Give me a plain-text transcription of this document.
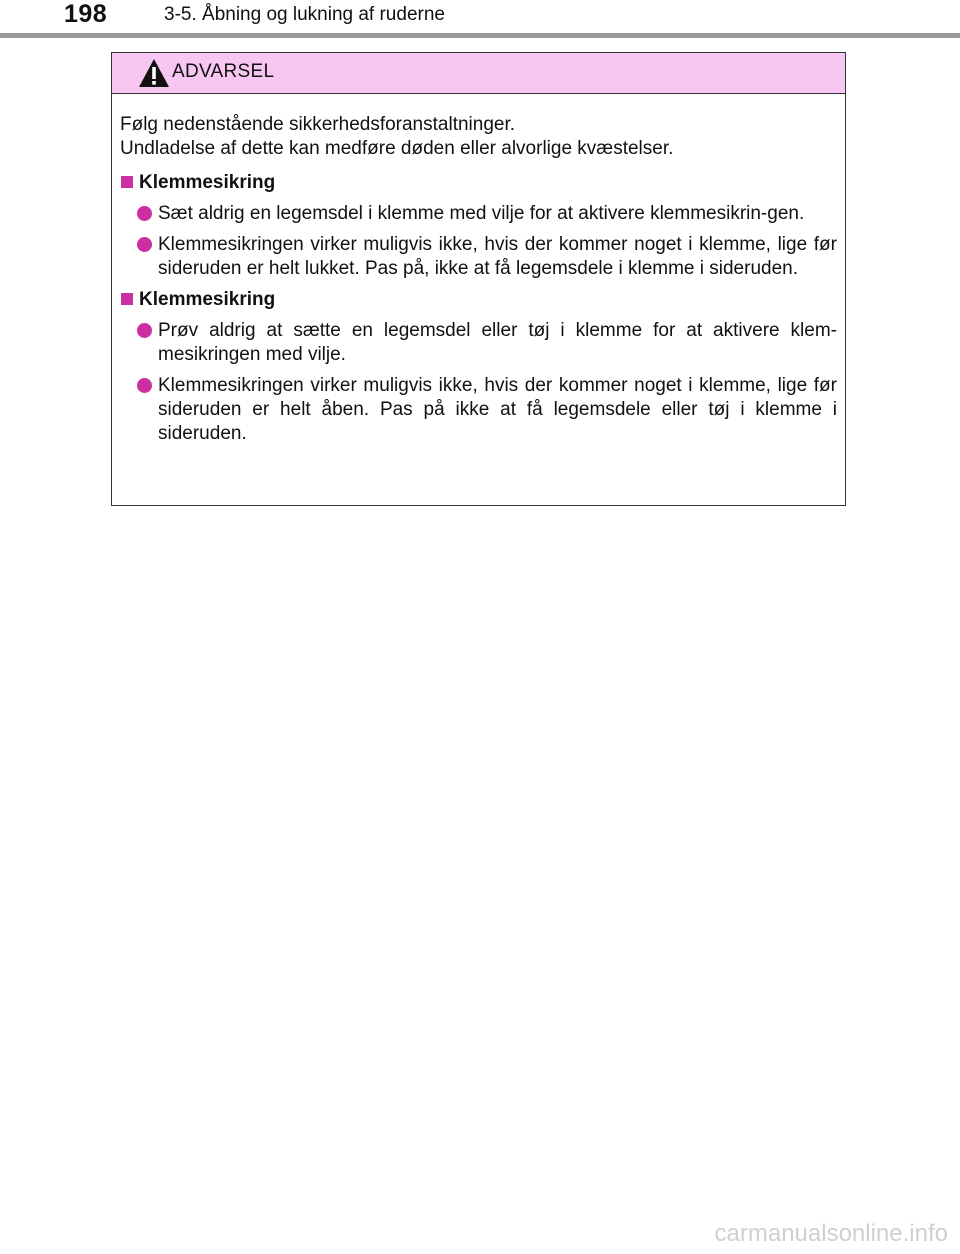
198	3-5. Åbning og lukning af ruderne
ADVARSEL
Følg nedenstående sikkerhedsforanstaltninger.
Undladelse af dette kan medføre døden eller alvorlige kvæstelser.
Klemmesikring
Sæt aldrig en legemsdel i klemme med vilje for at aktivere klemmesikrin-gen.
Klemmesikringen virker muligvis ikke, hvis der kommer noget i klemme, lige før sideruden er helt lukket. Pas på, ikke at få legemsdele i klemme i sideruden.
Klemmesikring
Prøv aldrig at sætte en legemsdel eller tøj i klemme for at aktivere klem-mesikringen med vilje.
Klemmesikringen virker muligvis ikke, hvis der kommer noget i klemme, lige før sideruden er helt åben. Pas på ikke at få legemsdele eller tøj i klemme i sideruden.
carmanualsonline.info
